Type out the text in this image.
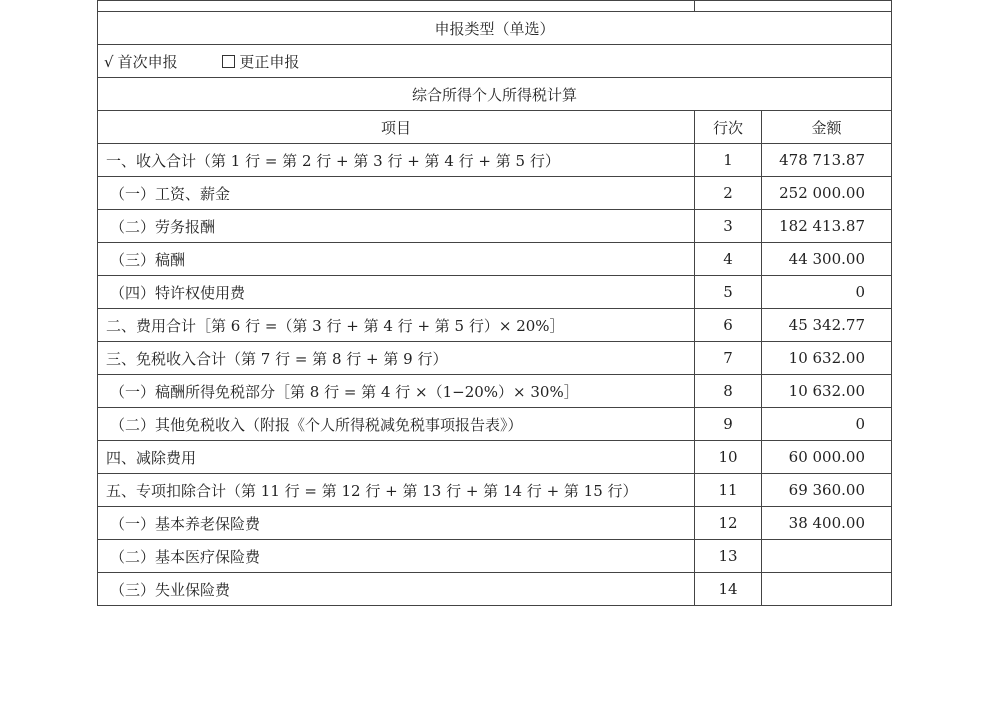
申报类型（单选）		
√ 首次申报 更正申报		
综合所得个人所得税计算		
项目	行次	金额
一、收入合计（第 1 行 = 第 2 行 + 第 3 行 + 第 4 行 + 第 5 行）	1	478 713.87
（一）工资、薪金	2	252 000.00
（二）劳务报酬	3	182 413.87
（三）稿酬	4	44 300.00
（四）特许权使用费	5	0
二、费用合计［第 6 行 =（第 3 行 + 第 4 行 + 第 5 行）× 20%］	6	45 342.77
三、免税收入合计（第 7 行 = 第 8 行 + 第 9 行）	7	10 632.00
（一）稿酬所得免税部分［第 8 行 = 第 4 行 ×（1−20%）× 30%］	8	10 632.00
（二）其他免税收入（附报《个人所得税减免税事项报告表》）	9	0
四、减除费用	10	60 000.00
五、专项扣除合计（第 11 行 = 第 12 行 + 第 13 行 + 第 14 行 + 第 15 行）	11	69 360.00
（一）基本养老保险费	12	38 400.00
（二）基本医疗保险费	13	
（三）失业保险费	14	
